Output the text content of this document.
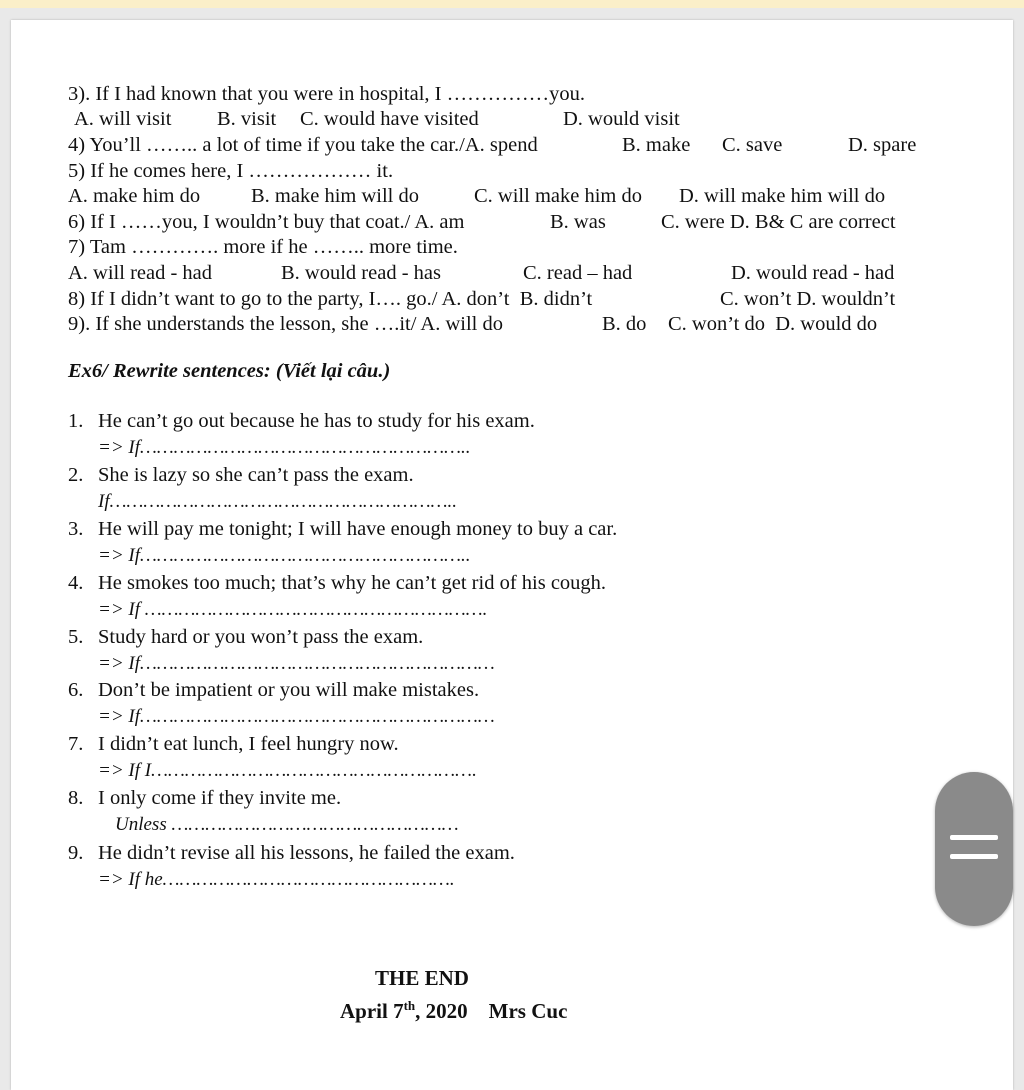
3). If I had known that you were in hospital, I ……………you.
A. will visit B. visit C. would have visited	D. would visit
4) You’ll …….. a lot of time if you take the car./A. spend	B. make C. save	D. spare
5) If he comes here, I ……………… it.
A. make him do B. make him will do	C. will make him do D. will make him will do
6) If I ……you, I wouldn’t buy that coat./ A. am	B. was	C. were D. B& C are correct
7) Tam …………. more if he …….. more time.
A. will read - had	B. would read - has	C. read – had	D. would read - had
8) If I didn’t want to go to the party, I…. go./ A. don’t  B. didn’t	C. won’t D. wouldn’t
9). If she understands the lesson, she ….it/ A. will do	B. do C. won’t do  D. would do
Ex6/ Rewrite sentences: (Viết lại câu.)
1. He can’t go out because he has to study for his exam.
=> If…………………………………………………..
2. She is lazy so she can’t pass the exam.
If……………………………………………………..
3. He will pay me tonight; I will have enough money to buy a car.
=> If…………………………………………………..
4. He smokes too much; that’s why he can’t get rid of his cough.
=> If …………………………………………………….
5. Study hard or you won’t pass the exam.
=> If………………………………………………………
6. Don’t be impatient or you will make mistakes.
=> If………………………………………………………
7. I didn’t eat lunch, I feel hungry now.
=> If I………………………………………………….
8. I only come if they invite me.
Unless ……………………………………………
9. He didn’t revise all his lessons, he failed the exam.
=> If he…………………………………………….
THE END
April 7th, 2020    Mrs Cuc
